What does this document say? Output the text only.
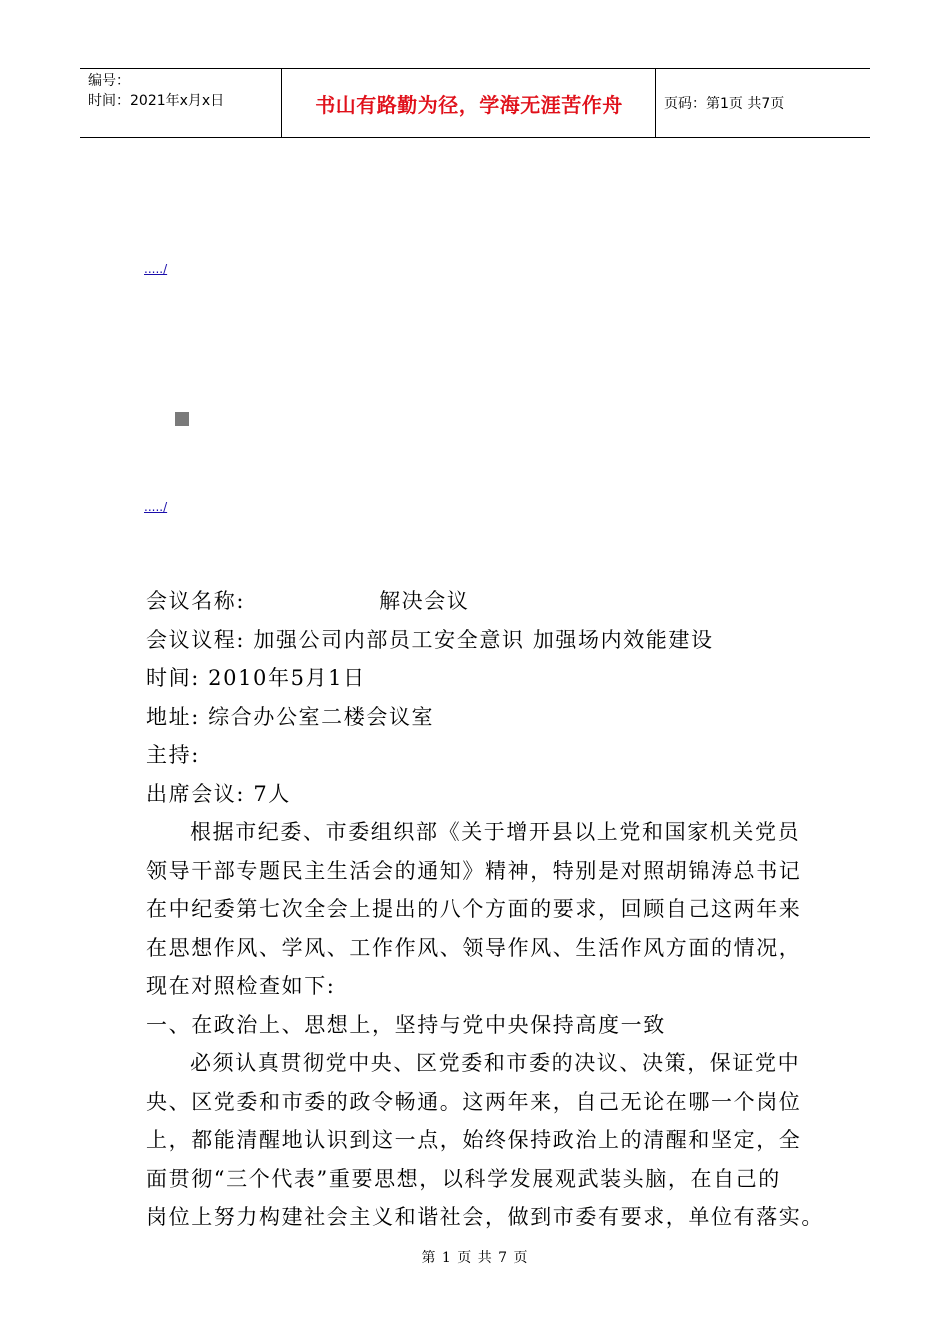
编号：
时间：2021年x月x日	书山有路勤为径，学海无涯苦作舟	页码：第1页 共7页
...../
...../
会议名称:	解决会议
会议议程: 加强公司内部员工安全意识 加强场内效能建设
时间: 2010年5月1日
地址: 综合办公室二楼会议室
主持:
出席会议: 7人
根据市纪委、市委组织部《关于增开县以上党和国家机关党员
领导干部专题民主生活会的通知》精神，特别是对照胡锦涛总书记
在中纪委第七次全会上提出的八个方面的要求，回顾自己这两年来
在思想作风、学风、工作作风、领导作风、生活作风方面的情况，
现在对照检查如下:
一、在政治上、思想上，坚持与党中央保持高度一致
必须认真贯彻党中央、区党委和市委的决议、决策，保证党中
央、区党委和市委的政令畅通。这两年来，自己无论在哪一个岗位
上，都能清醒地认识到这一点，始终保持政治上的清醒和坚定，全
面贯彻“三个代表”重要思想，以科学发展观武装头脑，在自己的
岗位上努力构建社会主义和谐社会，做到市委有要求，单位有落实。
第 1 页 共 7 页
